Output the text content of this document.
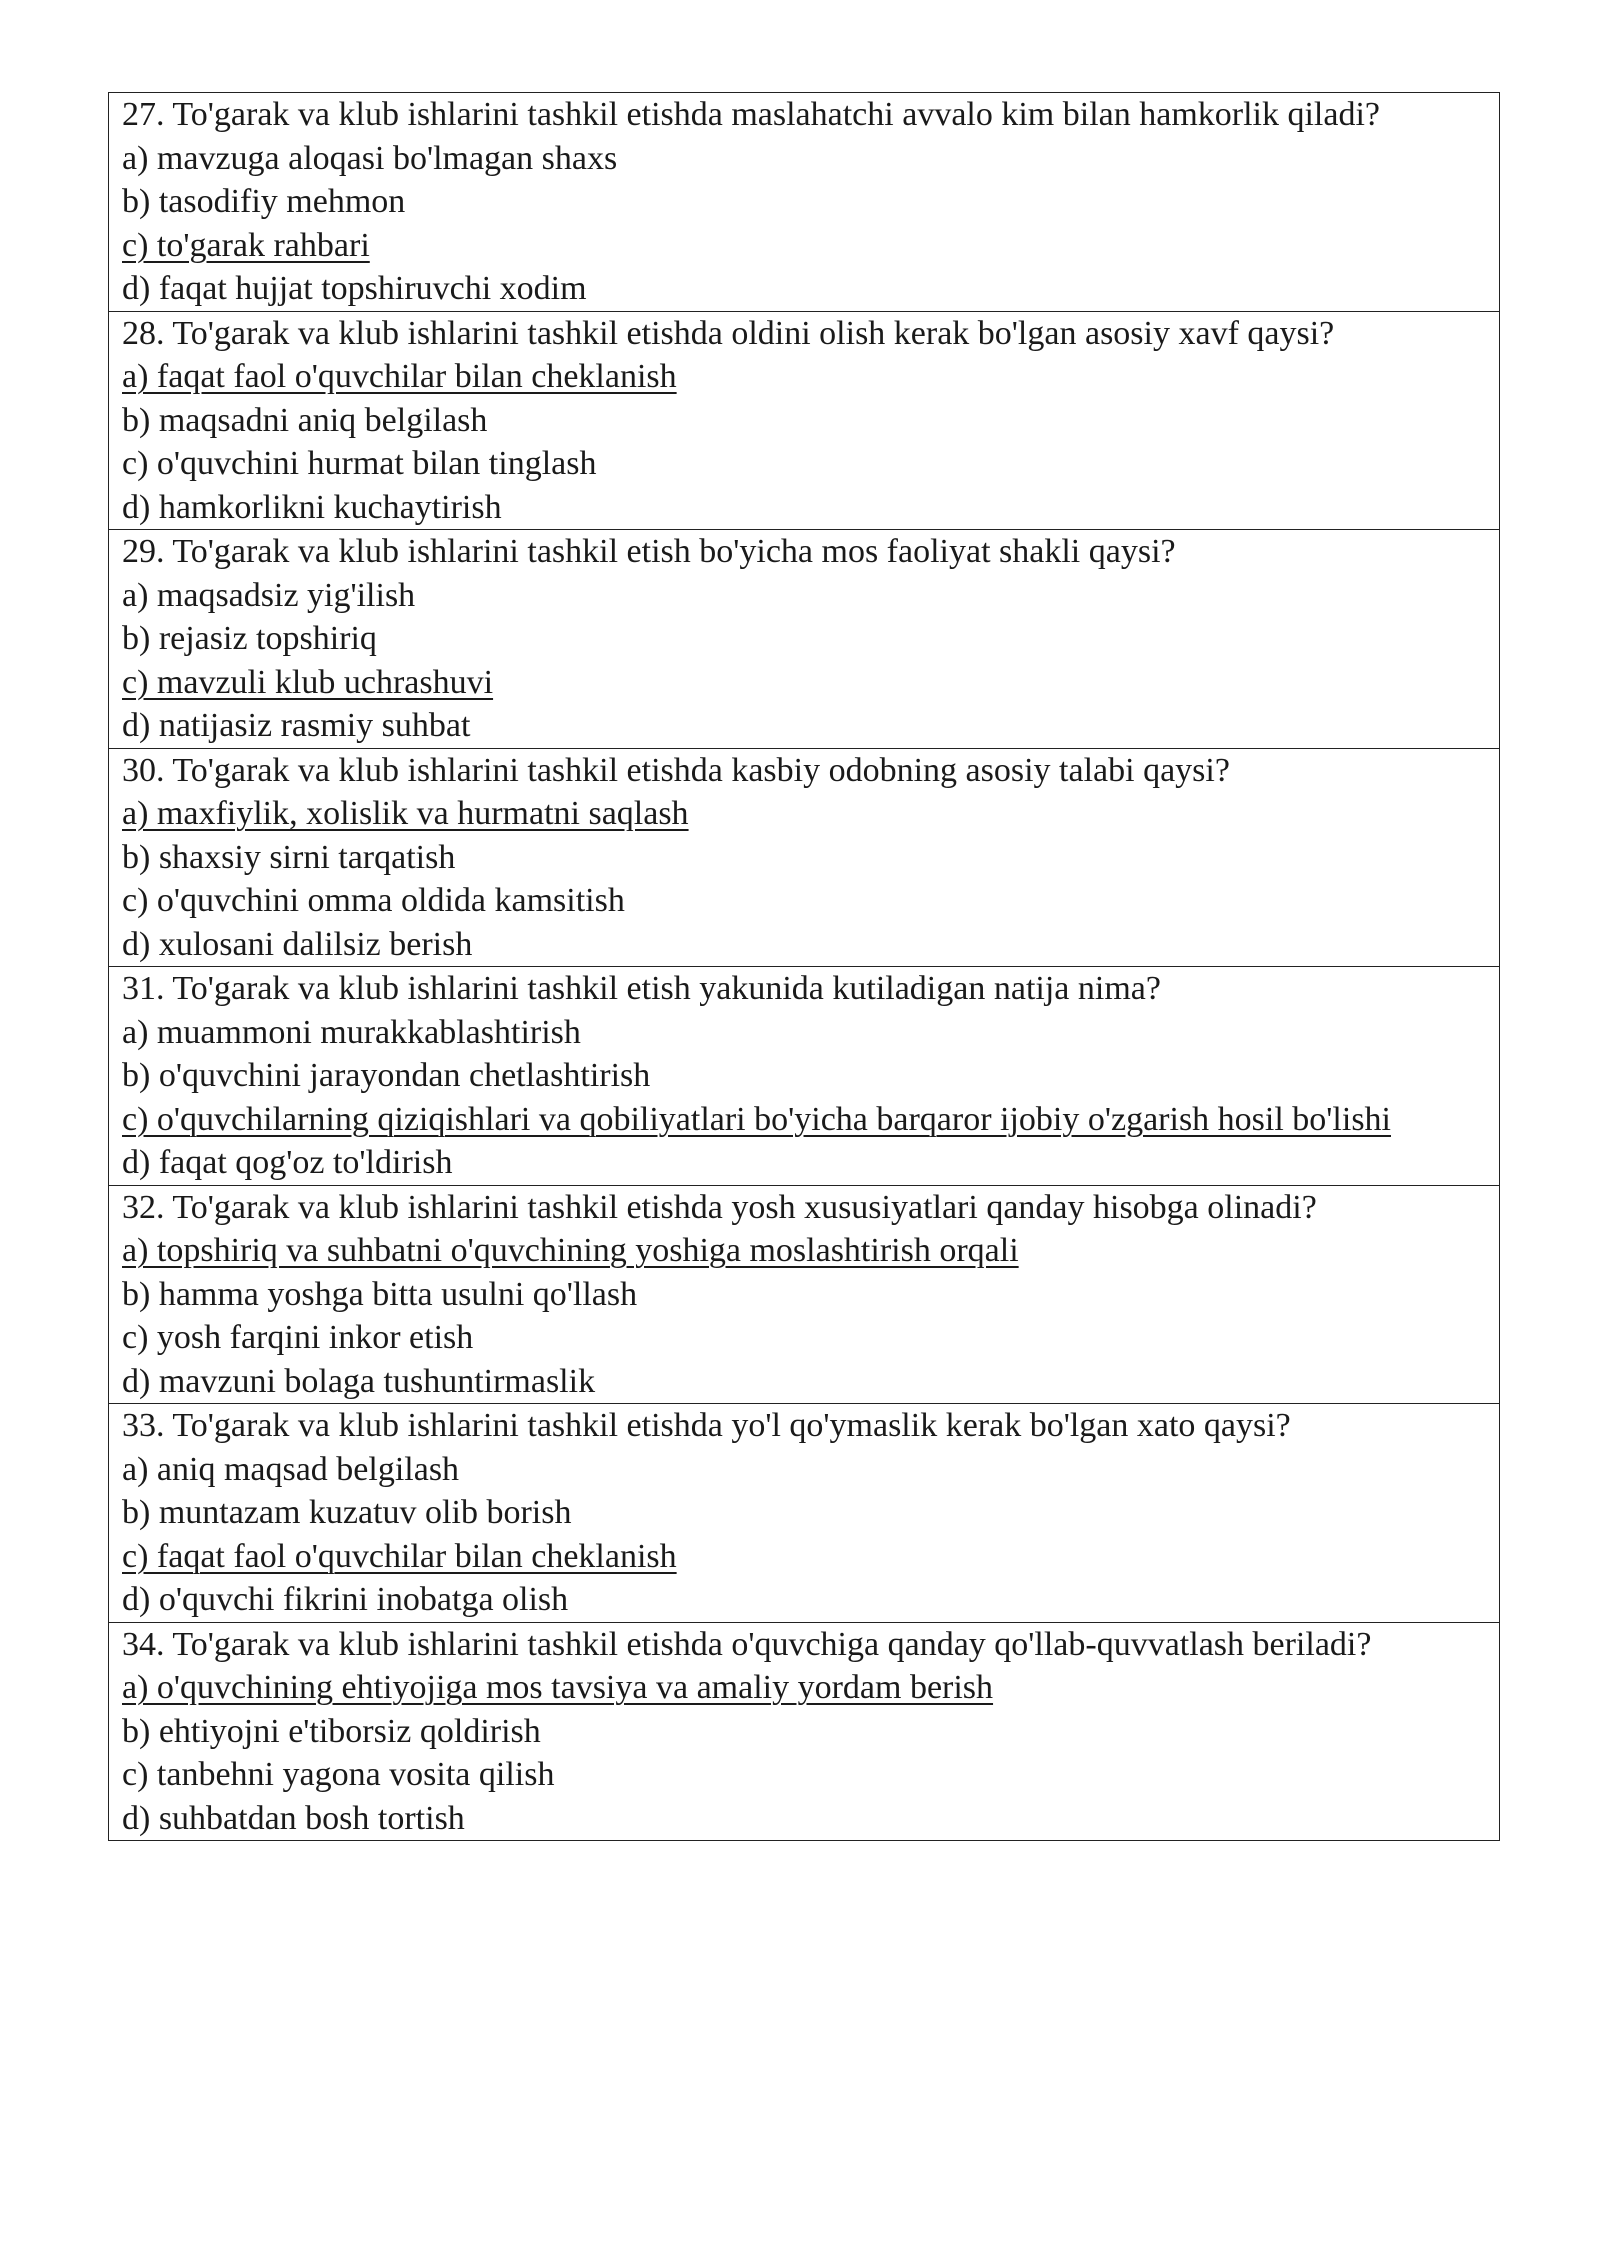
27. To'garak va klub ishlarini tashkil etishda maslahatchi avvalo kim bilan hamkorlik qiladi?
a) mavzuga aloqasi bo'lmagan shaxs
b) tasodifiy mehmon
c) to'garak rahbari
d) faqat hujjat topshiruvchi xodim

28. To'garak va klub ishlarini tashkil etishda oldini olish kerak bo'lgan asosiy xavf qaysi?
a) faqat faol o'quvchilar bilan cheklanish
b) maqsadni aniq belgilash
c) o'quvchini hurmat bilan tinglash
d) hamkorlikni kuchaytirish

29. To'garak va klub ishlarini tashkil etish bo'yicha mos faoliyat shakli qaysi?
a) maqsadsiz yig'ilish
b) rejasiz topshiriq
c) mavzuli klub uchrashuvi
d) natijasiz rasmiy suhbat

30. To'garak va klub ishlarini tashkil etishda kasbiy odobning asosiy talabi qaysi?
a) maxfiylik, xolislik va hurmatni saqlash
b) shaxsiy sirni tarqatish
c) o'quvchini omma oldida kamsitish
d) xulosani dalilsiz berish

31. To'garak va klub ishlarini tashkil etish yakunida kutiladigan natija nima?
a) muammoni murakkablashtirish
b) o'quvchini jarayondan chetlashtirish
c) o'quvchilarning qiziqishlari va qobiliyatlari bo'yicha barqaror ijobiy o'zgarish hosil bo'lishi
d) faqat qog'oz to'ldirish

32. To'garak va klub ishlarini tashkil etishda yosh xususiyatlari qanday hisobga olinadi?
a) topshiriq va suhbatni o'quvchining yoshiga moslashtirish orqali
b) hamma yoshga bitta usulni qo'llash
c) yosh farqini inkor etish
d) mavzuni bolaga tushuntirmaslik

33. To'garak va klub ishlarini tashkil etishda yo'l qo'ymaslik kerak bo'lgan xato qaysi?
a) aniq maqsad belgilash
b) muntazam kuzatuv olib borish
c) faqat faol o'quvchilar bilan cheklanish
d) o'quvchi fikrini inobatga olish

34. To'garak va klub ishlarini tashkil etishda o'quvchiga qanday qo'llab-quvvatlash beriladi?
a) o'quvchining ehtiyojiga mos tavsiya va amaliy yordam berish
b) ehtiyojni e'tiborsiz qoldirish
c) tanbehni yagona vosita qilish
d) suhbatdan bosh tortish
